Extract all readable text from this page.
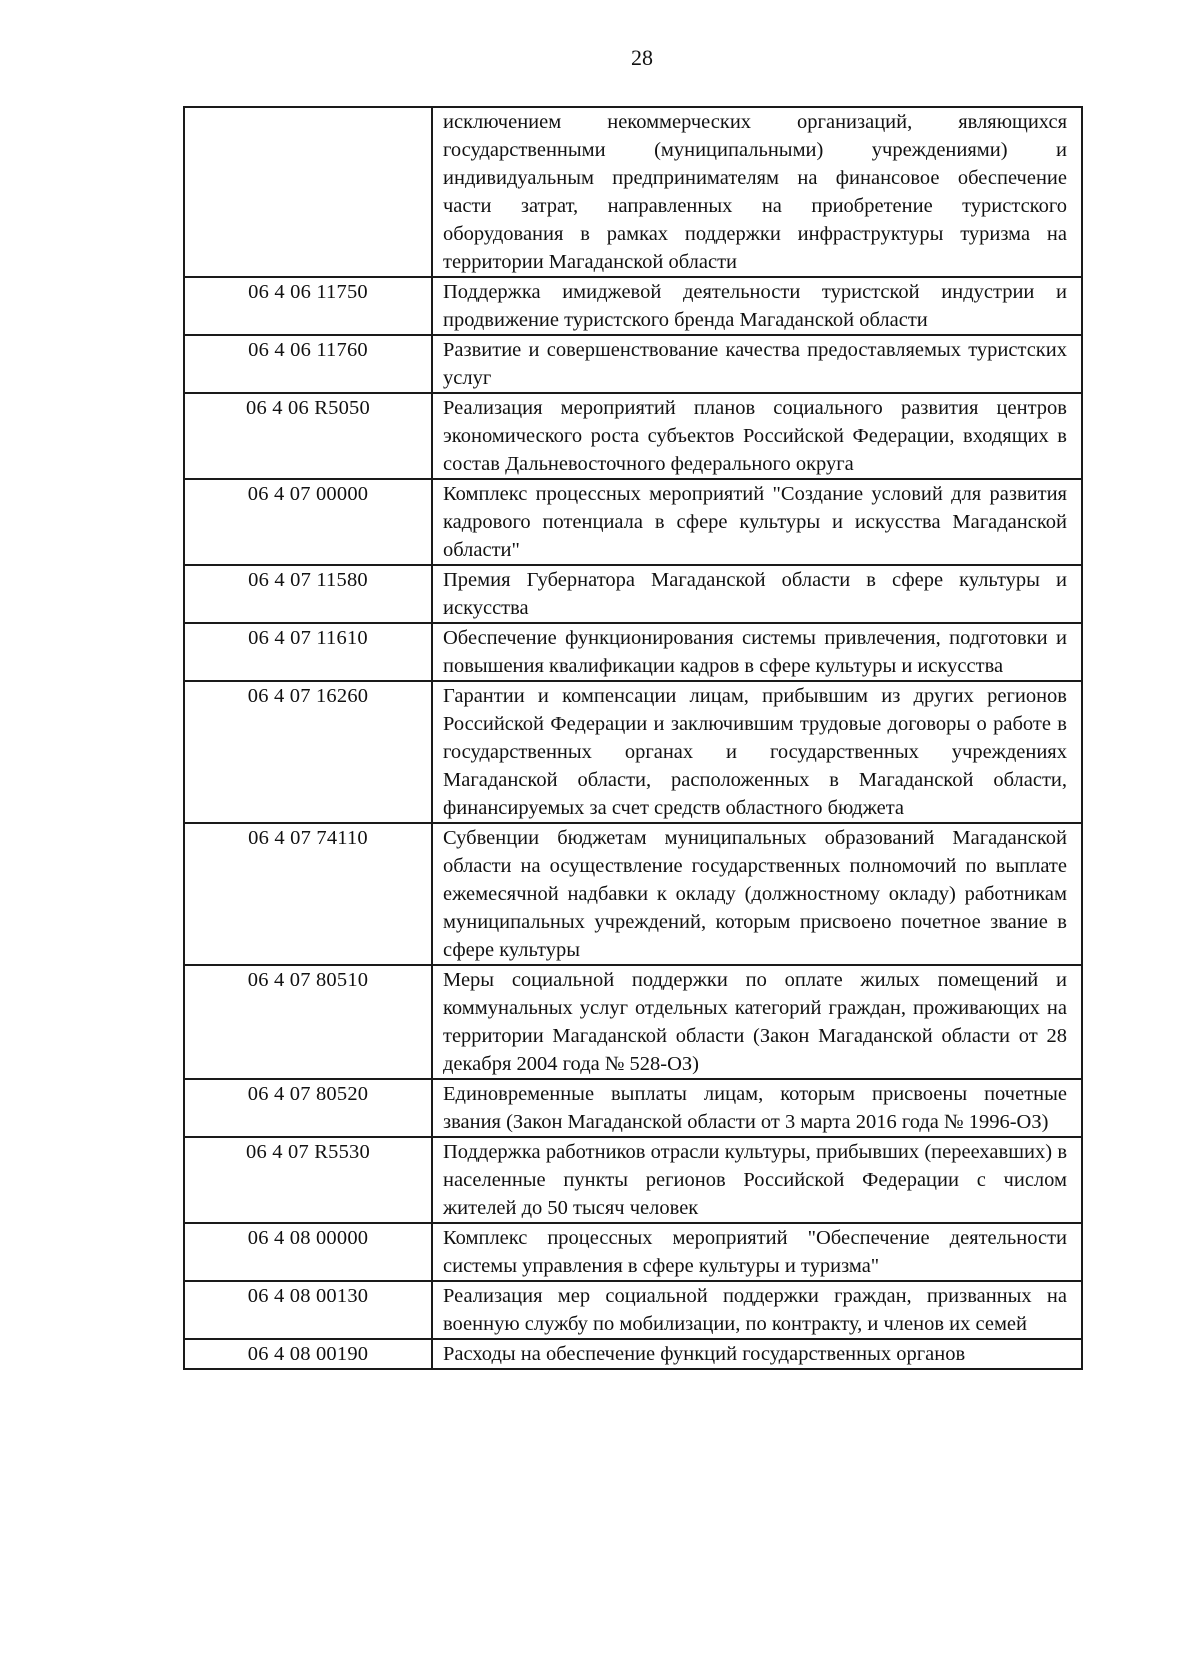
28
	исключением некоммерческих организаций, являющихся государственными (муниципальными) учреждениями) и индивидуальным предпринимателям на финансовое обеспечение части затрат, направленных на приобретение туристского оборудования в рамках поддержки инфраструктуры туризма на территории Магаданской области
06 4 06 11750	Поддержка имиджевой деятельности туристской индустрии и продвижение туристского бренда Магаданской области
06 4 06 11760	Развитие и совершенствование качества предоставляемых туристских услуг
06 4 06 R5050	Реализация мероприятий планов социального развития центров экономического роста субъектов Российской Федерации, входящих в состав Дальневосточного федерального округа
06 4 07 00000	Комплекс процессных мероприятий "Создание условий для развития кадрового потенциала в сфере культуры и искусства Магаданской области"
06 4 07 11580	Премия Губернатора Магаданской области в сфере культуры и искусства
06 4 07 11610	Обеспечение функционирования системы привлечения, подготовки и повышения квалификации кадров в сфере культуры и искусства
06 4 07 16260	Гарантии и компенсации лицам, прибывшим из других регионов Российской Федерации и заключившим трудовые договоры о работе в государственных органах и государственных учреждениях Магаданской области, расположенных в Магаданской области, финансируемых за счет средств областного бюджета
06 4 07 74110	Субвенции бюджетам муниципальных образований Магаданской области на осуществление государственных полномочий по выплате ежемесячной надбавки к окладу (должностному окладу) работникам муниципальных учреждений, которым присвоено почетное звание в сфере культуры
06 4 07 80510	Меры социальной поддержки по оплате жилых помещений и коммунальных услуг отдельных категорий граждан, проживающих на территории Магаданской области (Закон Магаданской области от 28 декабря 2004 года № 528-ОЗ)
06 4 07 80520	Единовременные выплаты лицам, которым присвоены почетные звания (Закон Магаданской области от 3 марта 2016 года № 1996-ОЗ)
06 4 07 R5530	Поддержка работников отрасли культуры, прибывших (переехавших) в населенные пункты регионов Российской Федерации с числом жителей до 50 тысяч человек
06 4 08 00000	Комплекс процессных мероприятий "Обеспечение деятельности системы управления в сфере культуры и туризма"
06 4 08 00130	Реализация мер социальной поддержки граждан, призванных на военную службу по мобилизации, по контракту, и членов их семей
06 4 08 00190	Расходы на обеспечение функций государственных органов
